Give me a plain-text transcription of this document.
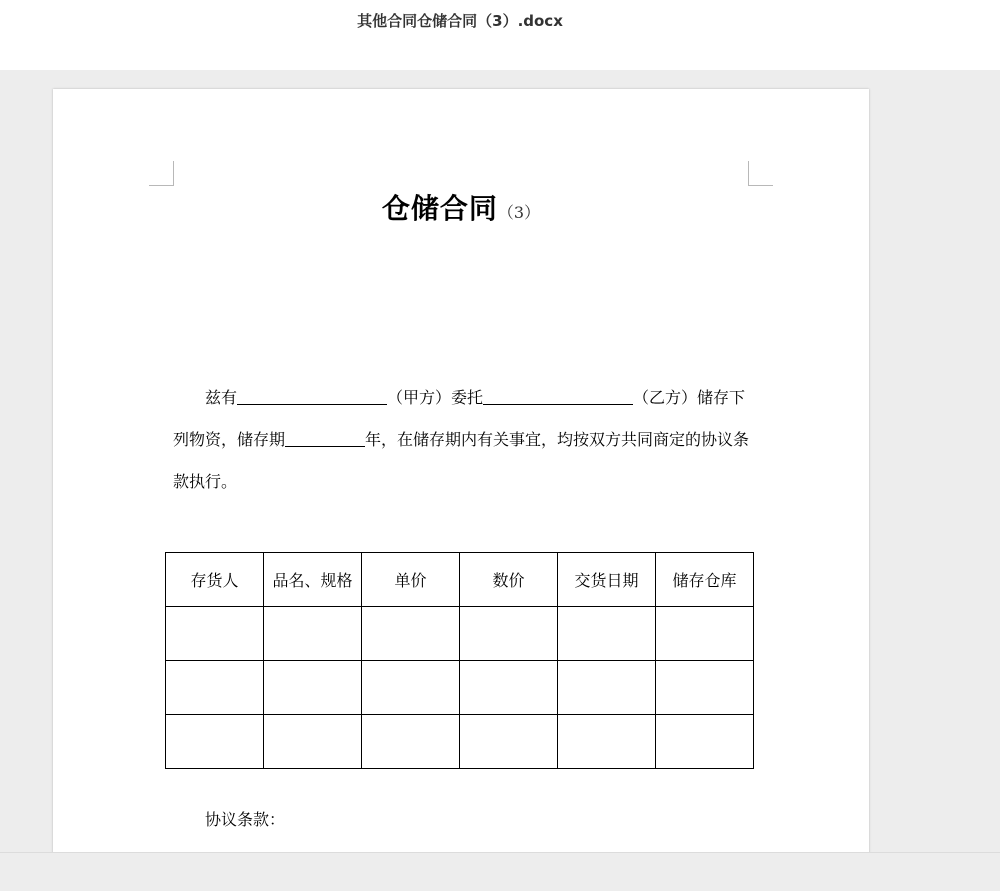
其他合同仓储合同（3）.docx
仓储合同（3）
兹有	（甲方）委托	（乙方）储存下列物资，储存期	年，在储存期内有关事宜，均按双方共同商定的协议条款执行。
存货人	品名、规格	单价	数价	交货日期	储存仓库

协议条款：
